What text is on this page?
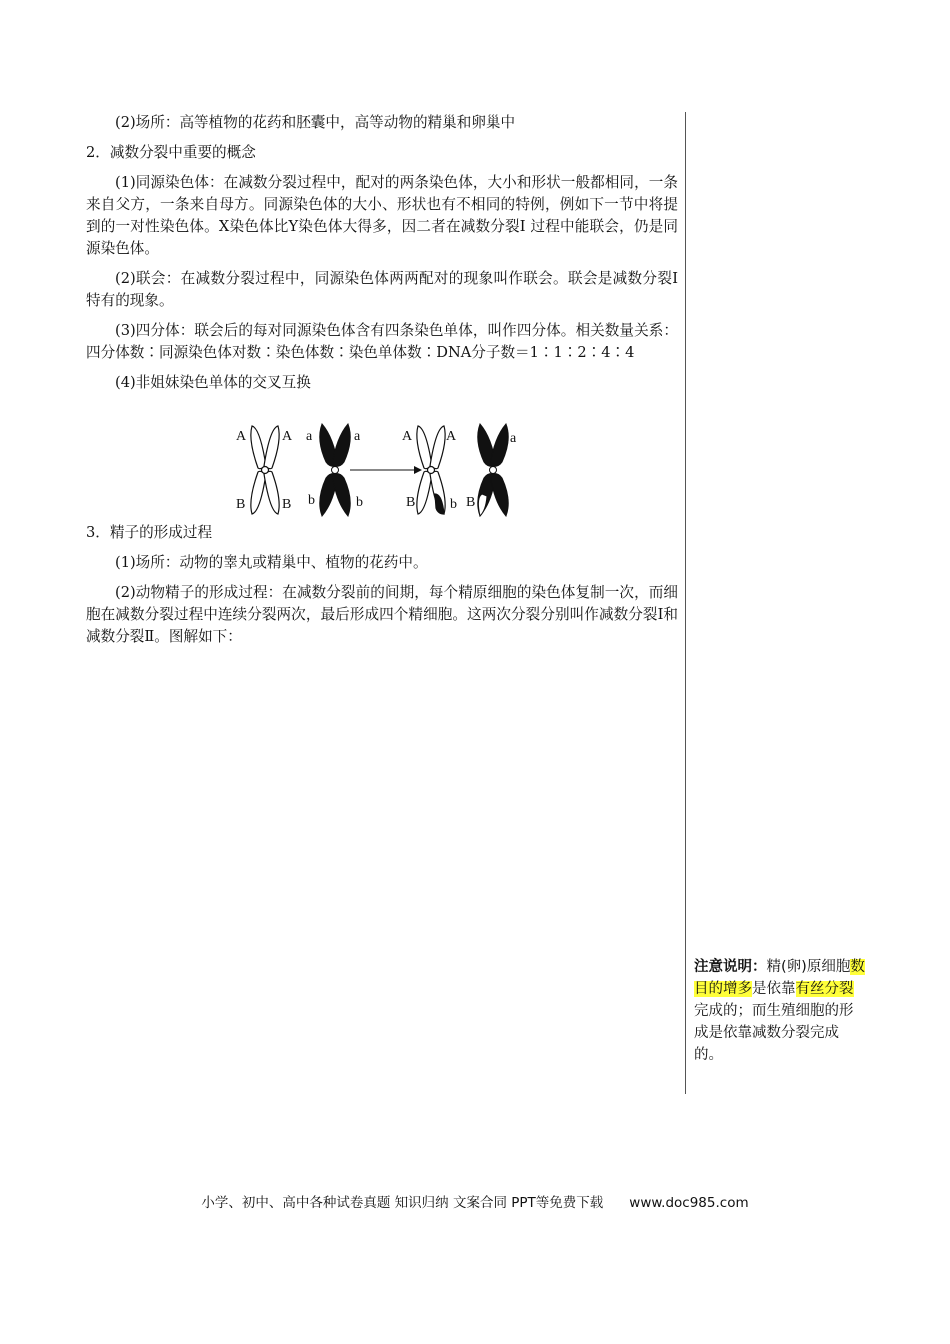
(2)场所：高等植物的花药和胚囊中，高等动物的精巢和卵巢中

2．减数分裂中重要的概念

(1)同源染色体：在减数分裂过程中，配对的两条染色体，大小和形状一般都相同，一条来自父方，一条来自母方。同源染色体的大小、形状也有不相同的特例，例如下一节中将提到的一对性染色体。X染色体比Y染色体大得多，因二者在减数分裂Ⅰ 过程中能联会，仍是同源染色体。

(2)联会：在减数分裂过程中，同源染色体两两配对的现象叫作联会。联会是减数分裂Ⅰ特有的现象。

(3)四分体：联会后的每对同源染色体含有四条染色单体，叫作四分体。相关数量关系：四分体数∶同源染色体对数∶染色体数∶染色单体数∶DNA分子数＝1∶1∶2∶4∶4

(4)非姐妹染色单体的交叉互换

3．精子的形成过程

(1)场所：动物的睾丸或精巢中、植物的花药中。

(2)动物精子的形成过程：在减数分裂前的间期，每个精原细胞的染色体复制一次，而细胞在减数分裂过程中连续分裂两次，最后形成四个精细胞。这两次分裂分别叫作减数分裂Ⅰ和减数分裂Ⅱ。图解如下：

A	A
B	B
a	a
b	b
A A
B b B
a
注意说明：精(卵)原细胞数目的增多是依靠有丝分裂完成的；而生殖细胞的形成是依靠减数分裂完成的。
小学、初中、高中各种试卷真题 知识归纳 文案合同 PPT等免费下载 www.doc985.com
